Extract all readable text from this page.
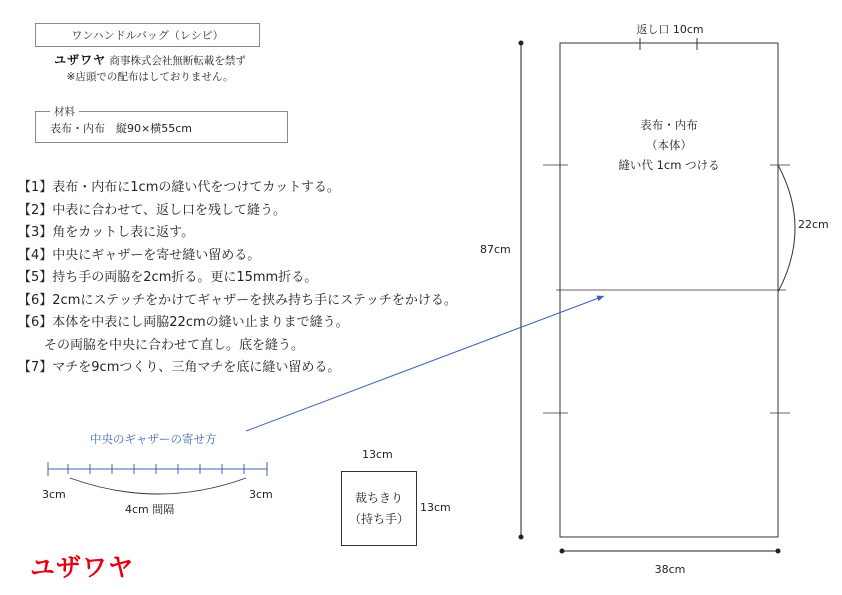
ワンハンドルバッグ（レシピ）
ユザワヤ 商事株式会社無断転載を禁ず
※店頭での配布はしておりません。
材料
表布・内布　縦90×横55cm
【1】表布・内布に1cmの縫い代をつけてカットする。
【2】中表に合わせて、返し口を残して縫う。
【3】角をカットし表に返す。
【4】中央にギャザーを寄せ縫い留める。
【5】持ち手の両脇を2cm折る。更に15mm折る。
【6】2cmにステッチをかけてギャザーを挟み持ち手にステッチをかける。
【6】本体を中表にし両脇22cmの縫い止まりまで縫う。
　　その両脇を中央に合わせて直し。底を縫う。
【7】マチを9cmつくり、三角マチを底に縫い留める。
中央のギャザーの寄せ方
3cm	3cm
4cm 間隔
13cm
裁ちきり
（持ち手）
13cm
返し口 10cm
表布・内布
（本体）
縫い代 1cm つける
22cm
87cm
38cm
ユザワヤ
